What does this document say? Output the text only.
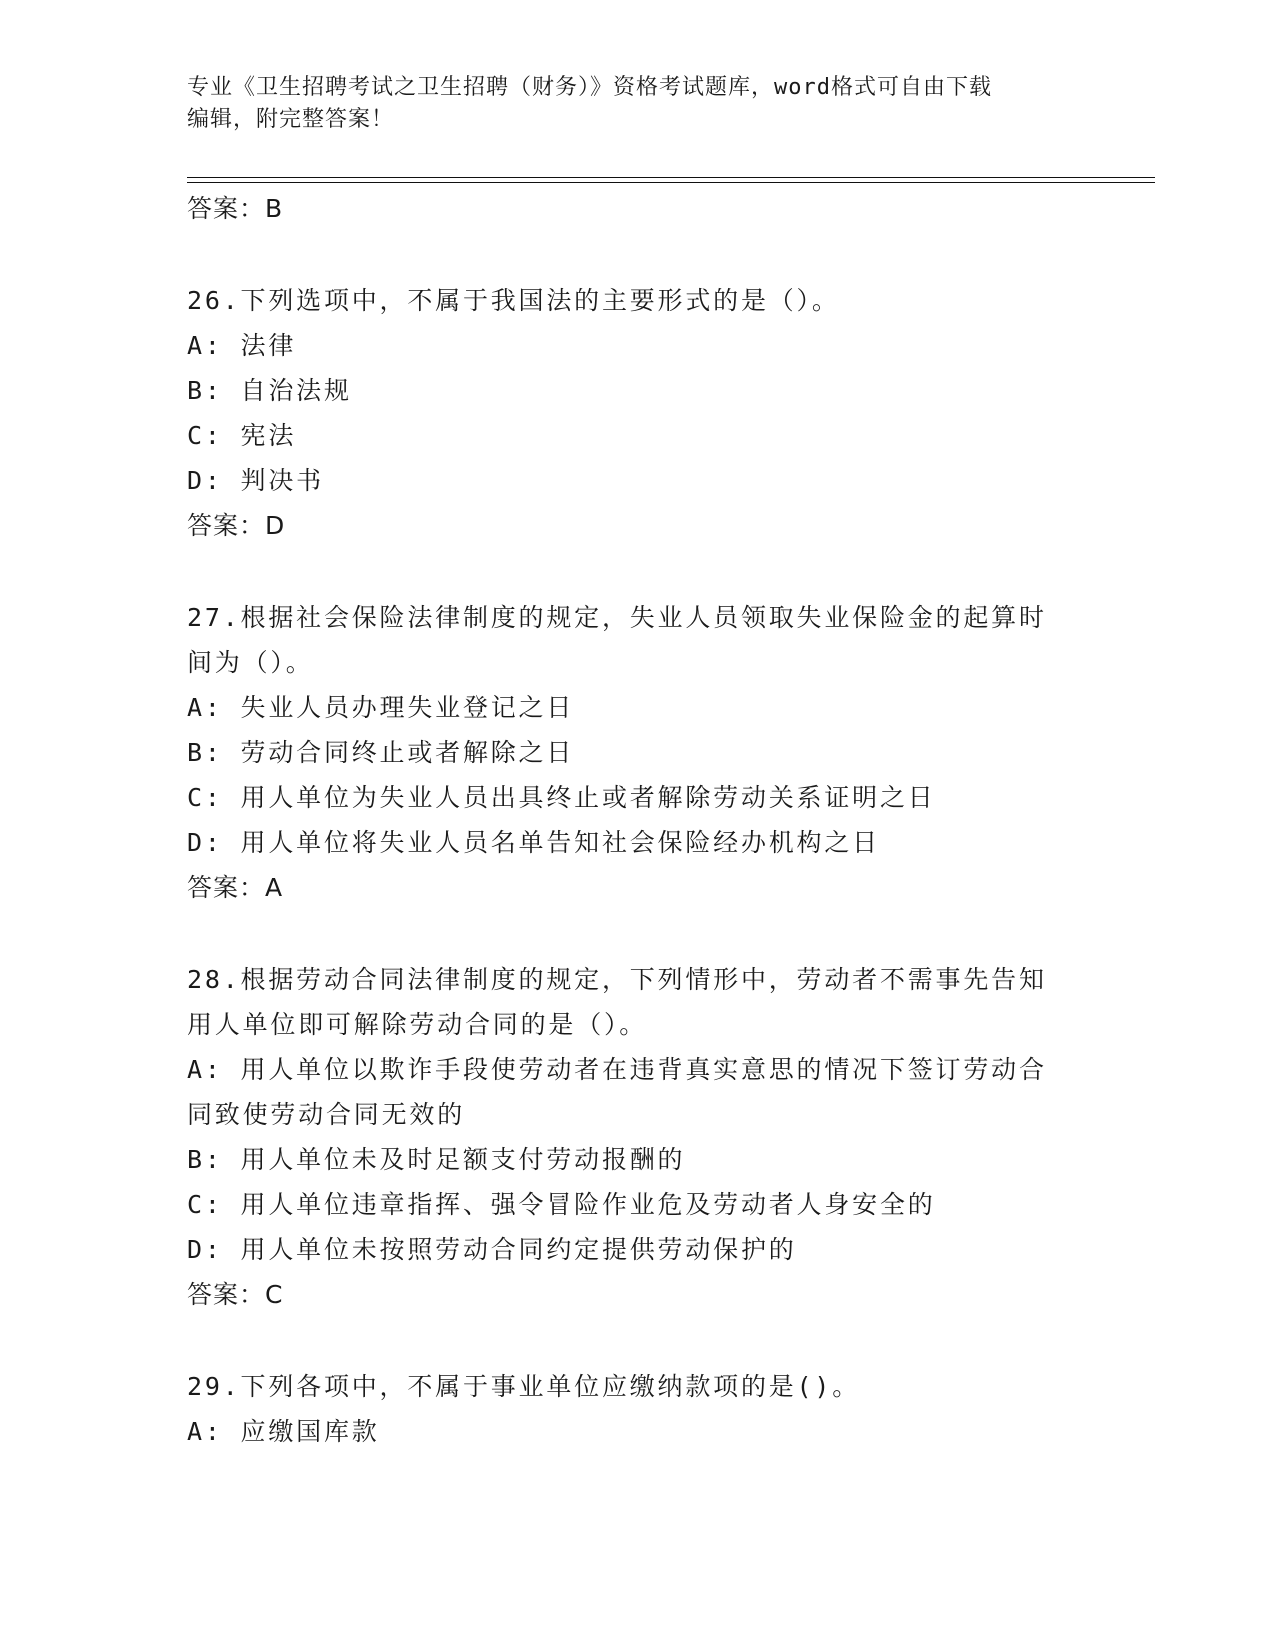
专业《卫生招聘考试之卫生招聘（财务）》资格考试题库，word格式可自由下载
编辑，附完整答案！

答案：B

26.下列选项中，不属于我国法的主要形式的是（）。

A: 法律

B: 自治法规

C: 宪法

D: 判决书

答案：D

27.根据社会保险法律制度的规定，失业人员领取失业保险金的起算时

间为（）。

A: 失业人员办理失业登记之日

B: 劳动合同终止或者解除之日

C: 用人单位为失业人员出具终止或者解除劳动关系证明之日

D: 用人单位将失业人员名单告知社会保险经办机构之日

答案：A

28.根据劳动合同法律制度的规定，下列情形中，劳动者不需事先告知

用人单位即可解除劳动合同的是（）。

A: 用人单位以欺诈手段使劳动者在违背真实意思的情况下签订劳动合

同致使劳动合同无效的

B: 用人单位未及时足额支付劳动报酬的

C: 用人单位违章指挥、强令冒险作业危及劳动者人身安全的

D: 用人单位未按照劳动合同约定提供劳动保护的

答案：C

29.下列各项中，不属于事业单位应缴纳款项的是()。

A: 应缴国库款
